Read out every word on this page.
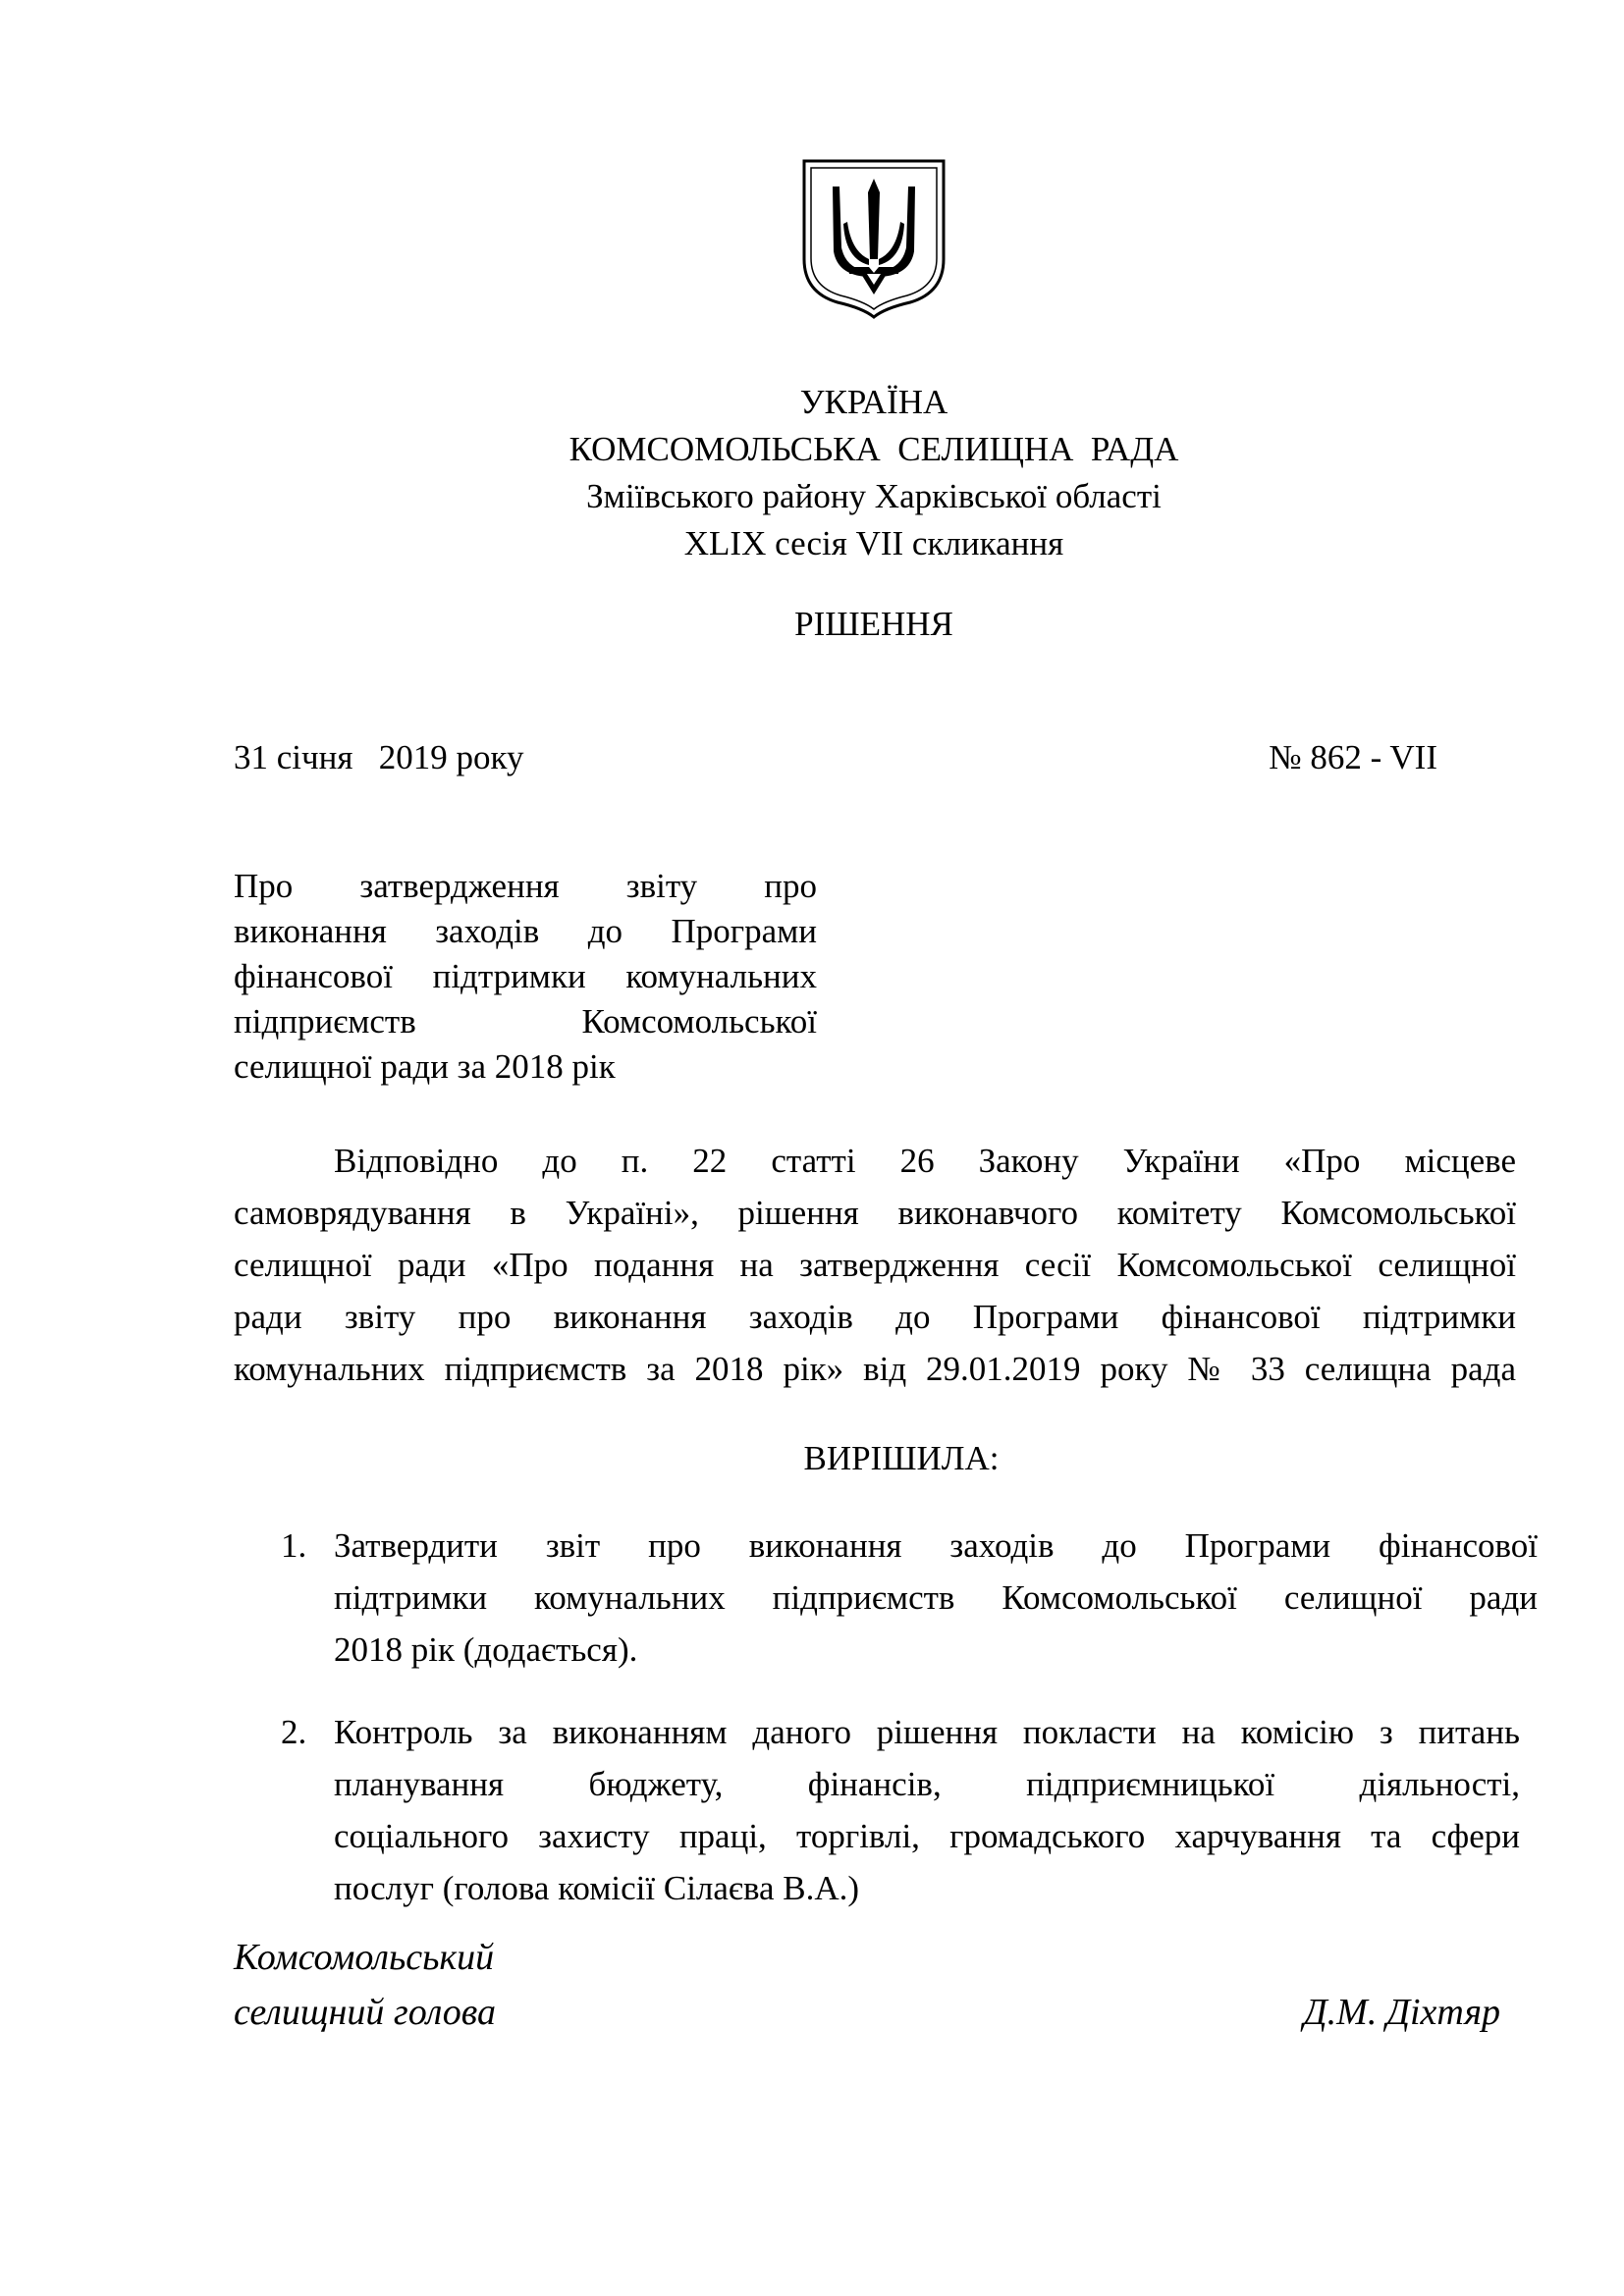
УКРАЇНА
КОМСОМОЛЬСЬКА  СЕЛИЩНА  РАДА
Зміївського району Харківської області
XLIX сесія VII скликання
РІШЕННЯ
31 січня   2019 року	№ 862 - VII
Про затвердження звіту про
виконання заходів до Програми
фінансової підтримки комунальних
підприємств Комсомольської
селищної ради за 2018 рік
Відповідно до п. 22 статті 26 Закону України «Про місцеве
самоврядування в Україні», рішення виконавчого комітету Комсомольської
селищної ради «Про подання на затвердження сесії Комсомольської селищної
ради звіту про виконання заходів до Програми фінансової підтримки
комунальних підприємств за 2018 рік» від 29.01.2019 року № 33 селищна рада
ВИРІШИЛА:
1. Затвердити звіт про виконання заходів до Програми фінансової
підтримки комунальних підприємств Комсомольської селищної ради
2018 рік (додається).
2. Контроль за виконанням даного рішення покласти на комісію з питань
планування бюджету, фінансів, підприємницької діяльності,
соціального захисту праці, торгівлі, громадського харчування та сфери
послуг (голова комісії Сілаєва В.А.)
Комсомольський
селищний голова	Д.М. Діхтяр
